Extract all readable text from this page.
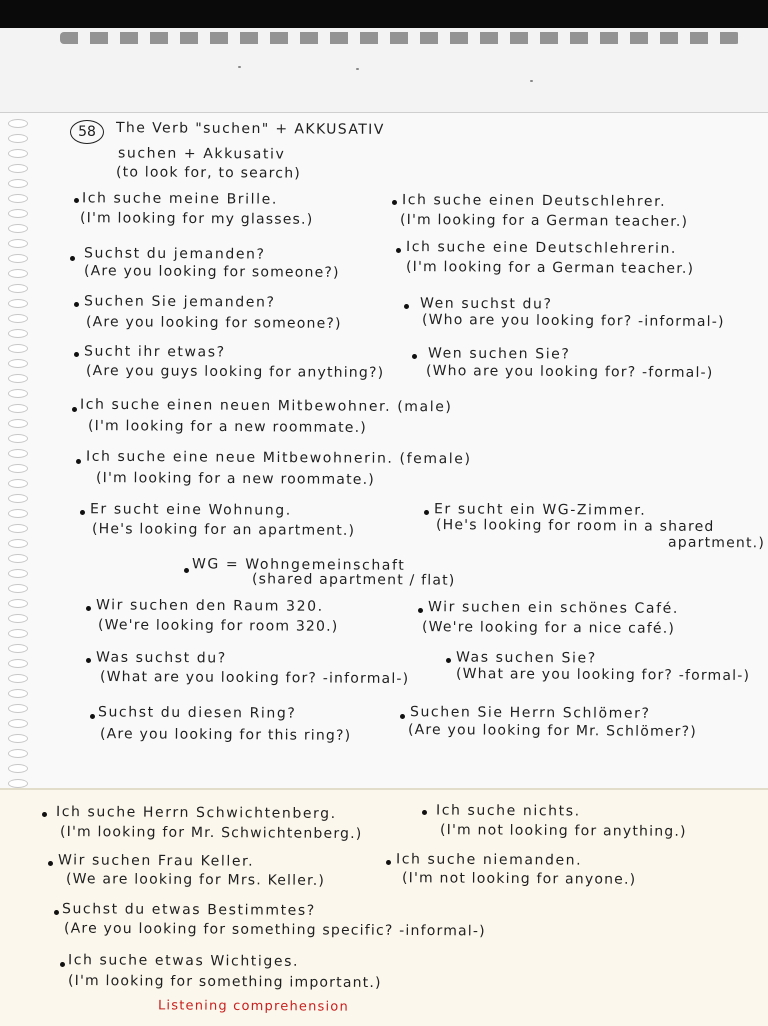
58	The Verb "suchen" + AKKUSATIV
suchen + Akkusativ
(to look for, to search)
Ich suche meine Brille.
(I'm looking for my glasses.)
Suchst du jemanden?
(Are you looking for someone?)
Suchen Sie jemanden?
(Are you looking for someone?)
Sucht ihr etwas?
(Are you guys looking for anything?)
Ich suche einen Deutschlehrer.
(I'm looking for a German teacher.)
Ich suche eine Deutschlehrerin.
(I'm looking for a German teacher.)
Wen suchst du?
(Who are you looking for? -informal-)
Wen suchen Sie?
(Who are you looking for? -formal-)
Ich suche einen neuen Mitbewohner. (male)
(I'm looking for a new roommate.)
Ich suche eine neue Mitbewohnerin. (female)
(I'm looking for a new roommate.)
Er sucht eine Wohnung.
(He's looking for an apartment.)
Er sucht ein WG-Zimmer.
(He's looking for room in a shared
apartment.)
WG = Wohngemeinschaft
(shared apartment / flat)
Wir suchen den Raum 320.
(We're looking for room 320.)
Was suchst du?
(What are you looking for? -informal-)
Suchst du diesen Ring?
(Are you looking for this ring?)
Wir suchen ein schönes Café.
(We're looking for a nice café.)
Was suchen Sie?
(What are you looking for? -formal-)
Suchen Sie Herrn Schlömer?
(Are you looking for Mr. Schlömer?)
Ich suche Herrn Schwichtenberg.
(I'm looking for Mr. Schwichtenberg.)
Ich suche nichts.
(I'm not looking for anything.)
Wir suchen Frau Keller.
(We are looking for Mrs. Keller.)
Ich suche niemanden.
(I'm not looking for anyone.)
Suchst du etwas Bestimmtes?
(Are you looking for something specific? -informal-)
Ich suche etwas Wichtiges.
(I'm looking for something important.)
Listening comprehension
